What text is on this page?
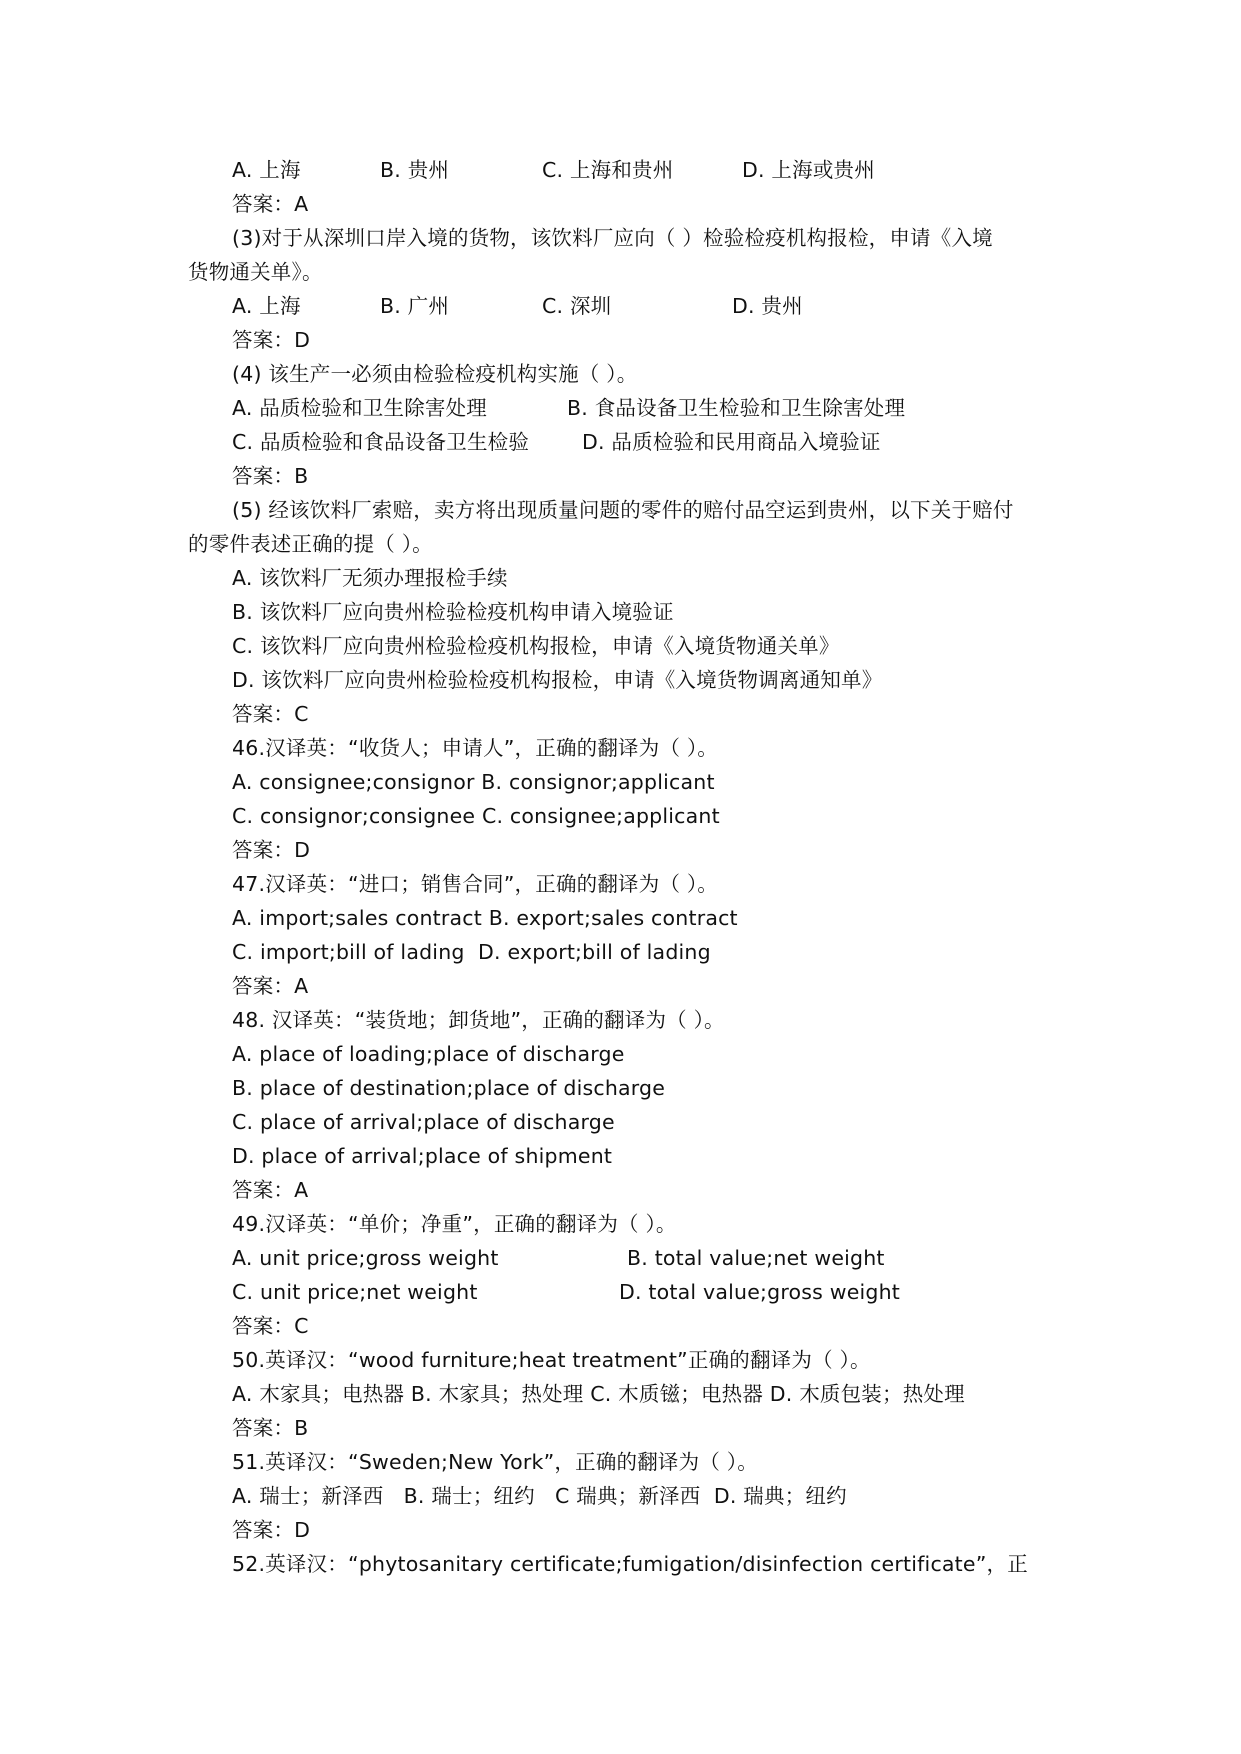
A. 上海

	B. 贵州

	C. 上海和贵州

	D. 上海或贵州

答案：A
(3)对于从深圳口岸入境的货物，该饮料厂应向（ ）检验检疫机构报检，申请《入境
货物通关单》。

A. 上海

	B. 广州

	C. 深圳

	D. 贵州

答案：D
(4) 该生产一必须由检验检疫机构实施（ ）。

A. 品质检验和卫生除害处理

	B. 食品设备卫生检验和卫生除害处理

C. 品质检验和食品设备卫生检验

	D. 品质检验和民用商品入境验证

答案：B
(5) 经该饮料厂索赔，卖方将出现质量问题的零件的赔付品空运到贵州，以下关于赔付
的零件表述正确的提（ ）。
A. 该饮料厂无须办理报检手续
B. 该饮料厂应向贵州检验检疫机构申请入境验证
C. 该饮料厂应向贵州检验检疫机构报检，申请《入境货物通关单》
D. 该饮料厂应向贵州检验检疫机构报检，申请《入境货物调离通知单》
答案：C
46.汉译英：“收货人；申请人”，正确的翻译为（ ）。
A. consignee;consignor B. consignor;applicant
C. consignor;consignee C. consignee;applicant
答案：D
47.汉译英：“进口；销售合同”，正确的翻译为（ ）。
A. import;sales contract B. export;sales contract
C. import;bill of lading  D. export;bill of lading
答案：A
48. 汉译英：“装货地；卸货地”，正确的翻译为（ ）。
A. place of loading;place of discharge
B. place of destination;place of discharge
C. place of arrival;place of discharge
D. place of arrival;place of shipment
答案：A
49.汉译英：“单价；净重”，正确的翻译为（ ）。

A. unit price;gross weight

	B. total value;net weight

C. unit price;net weight

	D. total value;gross weight

答案：C
50.英译汉：“wood furniture;heat treatment”正确的翻译为（ ）。
A. 木家具；电热器 B. 木家具；热处理 C. 木质镃；电热器 D. 木质包装；热处理
答案：B
51.英译汉：“Sweden;New York”，正确的翻译为（ ）。
A. 瑞士；新泽西   B. 瑞士；纽约   C 瑞典；新泽西  D. 瑞典；纽约
答案：D
52.英译汉：“phytosanitary certificate;fumigation/disinfection certificate”，正
